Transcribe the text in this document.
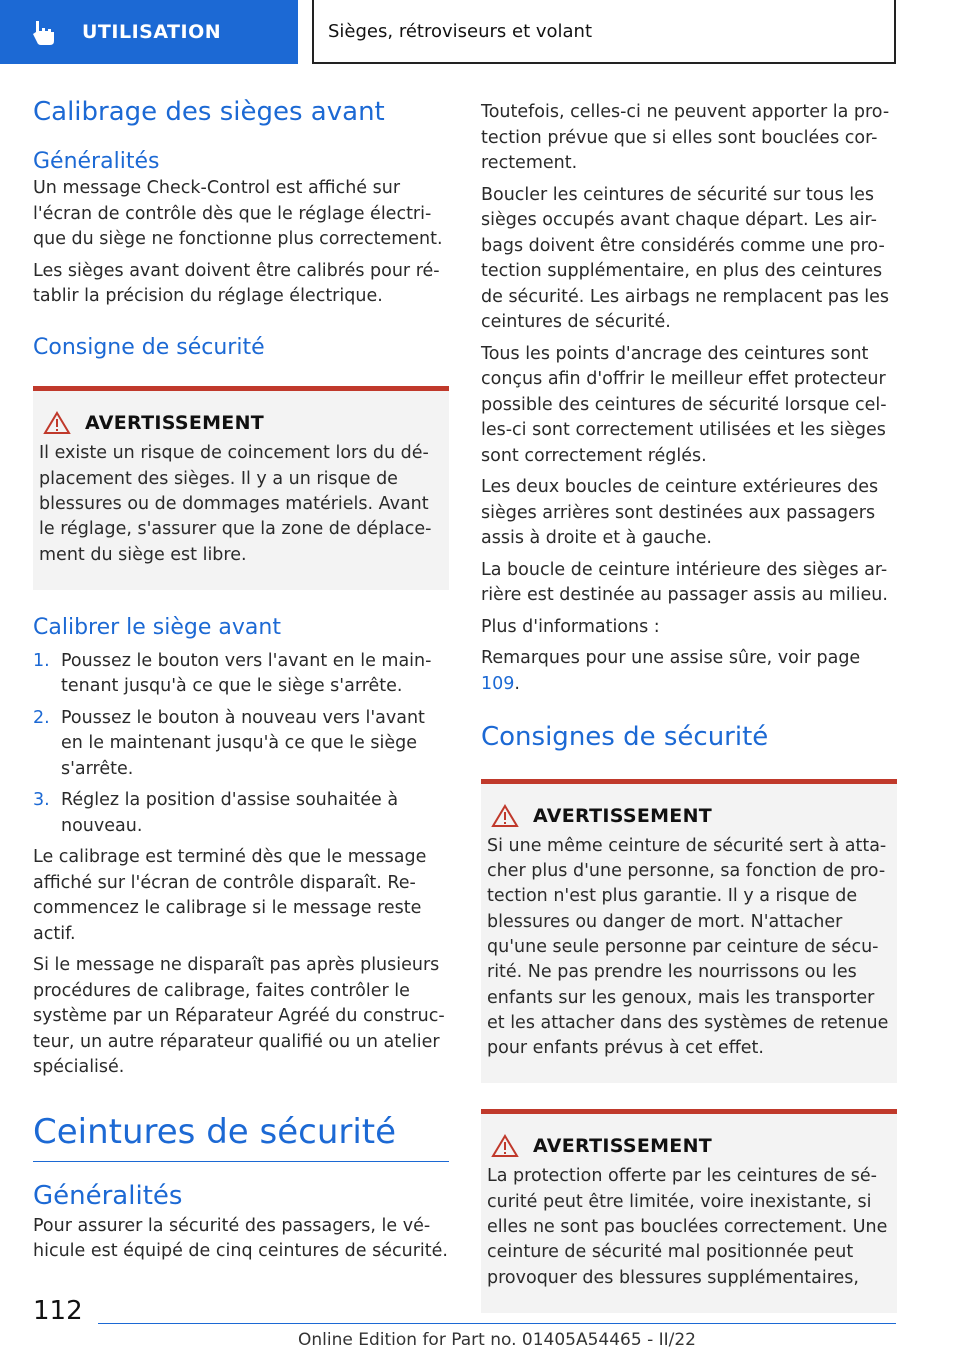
UTILISATION	Sièges, rétroviseurs et volant
Calibrage des sièges avant
Généralités

Un message Check-Control est affiché sur l'écran de contrôle dès que le réglage électri-que du siège ne fonctionne plus correctement.

Les sièges avant doivent être calibrés pour ré-tablir la précision du réglage électrique.

Consigne de sécurité
AVERTISSEMENT

Il existe un risque de coincement lors du dé-placement des sièges. Il y a un risque de blessures ou de dommages matériels. Avant le réglage, s'assurer que la zone de déplace-ment du siège est libre.

Calibrer le siège avant
1. Poussez le bouton vers l'avant en le main-tenant jusqu'à ce que le siège s'arrête.
2. Poussez le bouton à nouveau vers l'avant en le maintenant jusqu'à ce que le siège s'arrête.
3. Réglez la position d'assise souhaitée à nouveau.

Le calibrage est terminé dès que le message affiché sur l'écran de contrôle disparaît. Re-commencez le calibrage si le message reste actif.

Si le message ne disparaît pas après plusieurs procédures de calibrage, faites contrôler le système par un Réparateur Agréé du construc-teur, un autre réparateur qualifié ou un atelier spécialisé.

Ceintures de sécurité
Généralités

Pour assurer la sécurité des passagers, le vé-hicule est équipé de cinq ceintures de sécurité.

Toutefois, celles-ci ne peuvent apporter la pro-tection prévue que si elles sont bouclées cor-rectement.

Boucler les ceintures de sécurité sur tous les sièges occupés avant chaque départ. Les air-bags doivent être considérés comme une pro-tection supplémentaire, en plus des ceintures de sécurité. Les airbags ne remplacent pas les ceintures de sécurité.

Tous les points d'ancrage des ceintures sont conçus afin d'offrir le meilleur effet protecteur possible des ceintures de sécurité lorsque cel-les-ci sont correctement utilisées et les sièges sont correctement réglés.

Les deux boucles de ceinture extérieures des sièges arrières sont destinées aux passagers assis à droite et à gauche.

La boucle de ceinture intérieure des sièges ar-rière est destinée au passager assis au milieu.

Plus d'informations :

Remarques pour une assise sûre, voir page 109.

Consignes de sécurité
AVERTISSEMENT

Si une même ceinture de sécurité sert à atta-cher plus d'une personne, sa fonction de pro-tection n'est plus garantie. Il y a risque de blessures ou danger de mort. N'attacher qu'une seule personne par ceinture de sécu-rité. Ne pas prendre les nourrissons ou les enfants sur les genoux, mais les transporter et les attacher dans des systèmes de retenue pour enfants prévus à cet effet.

AVERTISSEMENT

La protection offerte par les ceintures de sé-curité peut être limitée, voire inexistante, si elles ne sont pas bouclées correctement. Une ceinture de sécurité mal positionnée peut provoquer des blessures supplémentaires,

112
Online Edition for Part no. 01405A54465 - II/22
